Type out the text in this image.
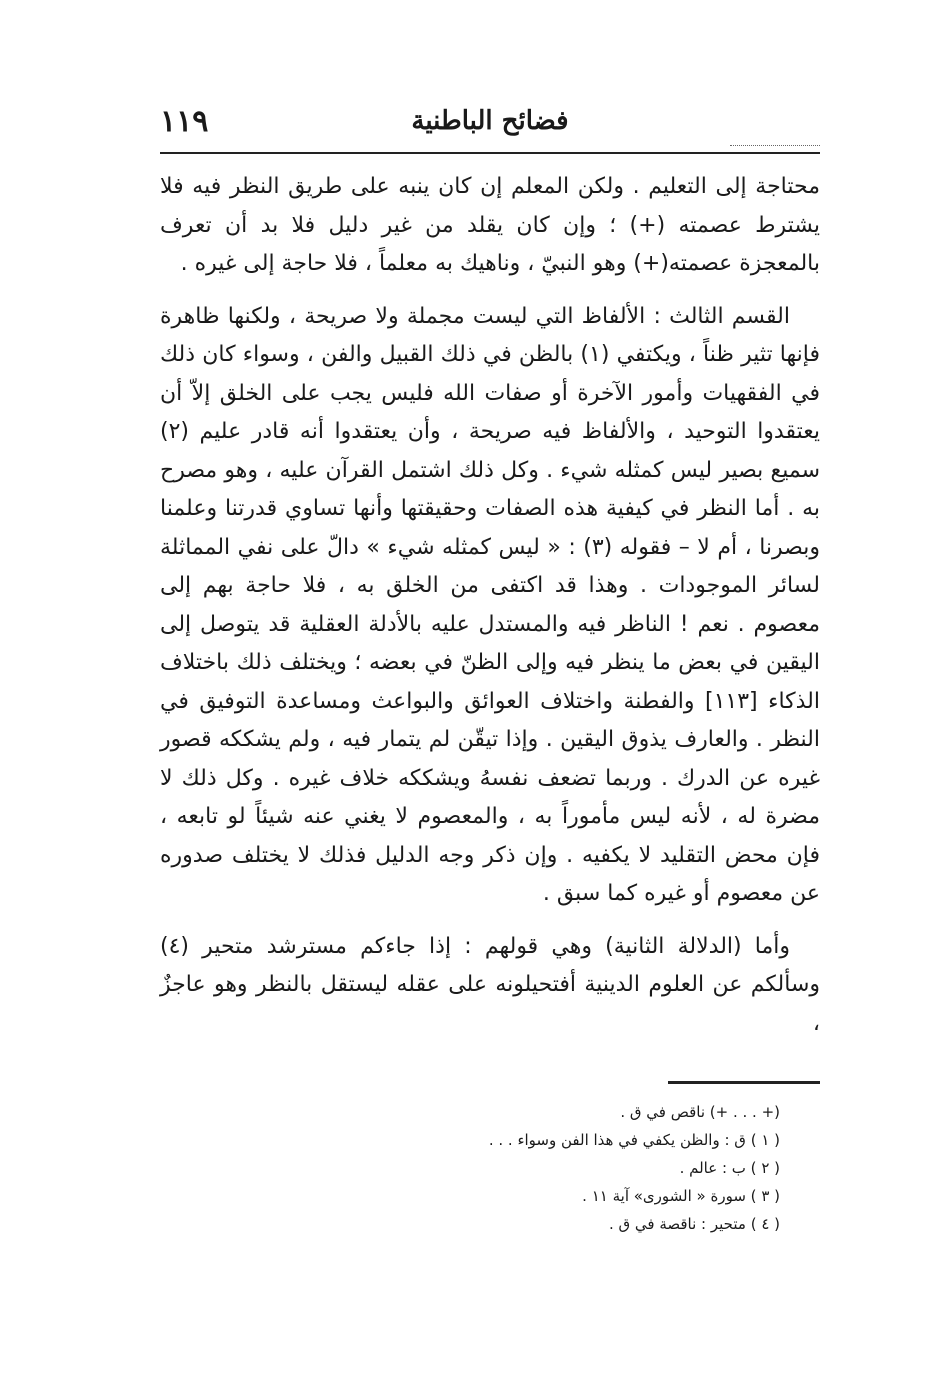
١١٩	فضائح الباطنية

محتاجة إلى التعليم . ولكن المعلم إن كان ينبه على طريق النظر فيه فلا يشترط عصمته (+) ؛ وإن كان يقلد من غير دليل فلا بد أن تعرف بالمعجزة عصمته(+) وهو النبيّ ، وناهيك به معلماً ، فلا حاجة إلى غيره .

القسم الثالث : الألفاظ التي ليست مجملة ولا صريحة ، ولكنها ظاهرة فإنها تثير ظناً ، ويكتفي (١) بالظن في ذلك القبيل والفن ، وسواء كان ذلك في الفقهيات وأمور الآخرة أو صفات الله فليس يجب على الخلق إلاّ أن يعتقدوا التوحيد ، والألفاظ فيه صريحة ، وأن يعتقدوا أنه قادر عليم (٢) سميع بصير ليس كمثله شيء . وكل ذلك اشتمل القرآن عليه ، وهو مصرح به . أما النظر في كيفية هذه الصفات وحقيقتها وأنها تساوي قدرتنا وعلمنا وبصرنا ، أم لا – فقوله (٣) : « ليس كمثله شيء » دالّ على نفي المماثلة لسائر الموجودات . وهذا قد اكتفى من الخلق به ، فلا حاجة بهم إلى معصوم . نعم ! الناظر فيه والمستدل عليه بالأدلة العقلية قد يتوصل إلى اليقين في بعض ما ينظر فيه وإلى الظنّ في بعضه ؛ ويختلف ذلك باختلاف الذكاء [١١٣] والفطنة واختلاف العوائق والبواعث ومساعدة التوفيق في النظر . والعارف يذوق اليقين . وإذا تيقّن لم يتمار فيه ، ولم يشككه قصور غيره عن الدرك . وربما تضعف نفسهُ ويشككه خلاف غيره . وكل ذلك لا مضرة له ، لأنه ليس مأموراً به ، والمعصوم لا يغني عنه شيئاً لو تابعه ، فإن محض التقليد لا يكفيه . وإن ذكر وجه الدليل فذلك لا يختلف صدوره عن معصوم أو غيره كما سبق .

وأما (الدلالة الثانية) وهي قولهم : إذا جاءكم مسترشد متحير (٤) وسألكم عن العلوم الدينية أفتحيلونه على عقله ليستقل بالنظر وهو عاجزٌ ،

(+ . . . +) ناقص في ق .

( ١ ) ق : والظن يكفي في هذا الفن وسواء . . .

( ٢ ) ب : عالم .

( ٣ ) سورة « الشورى» آية ١١ .

( ٤ ) متحير : ناقصة في ق .
